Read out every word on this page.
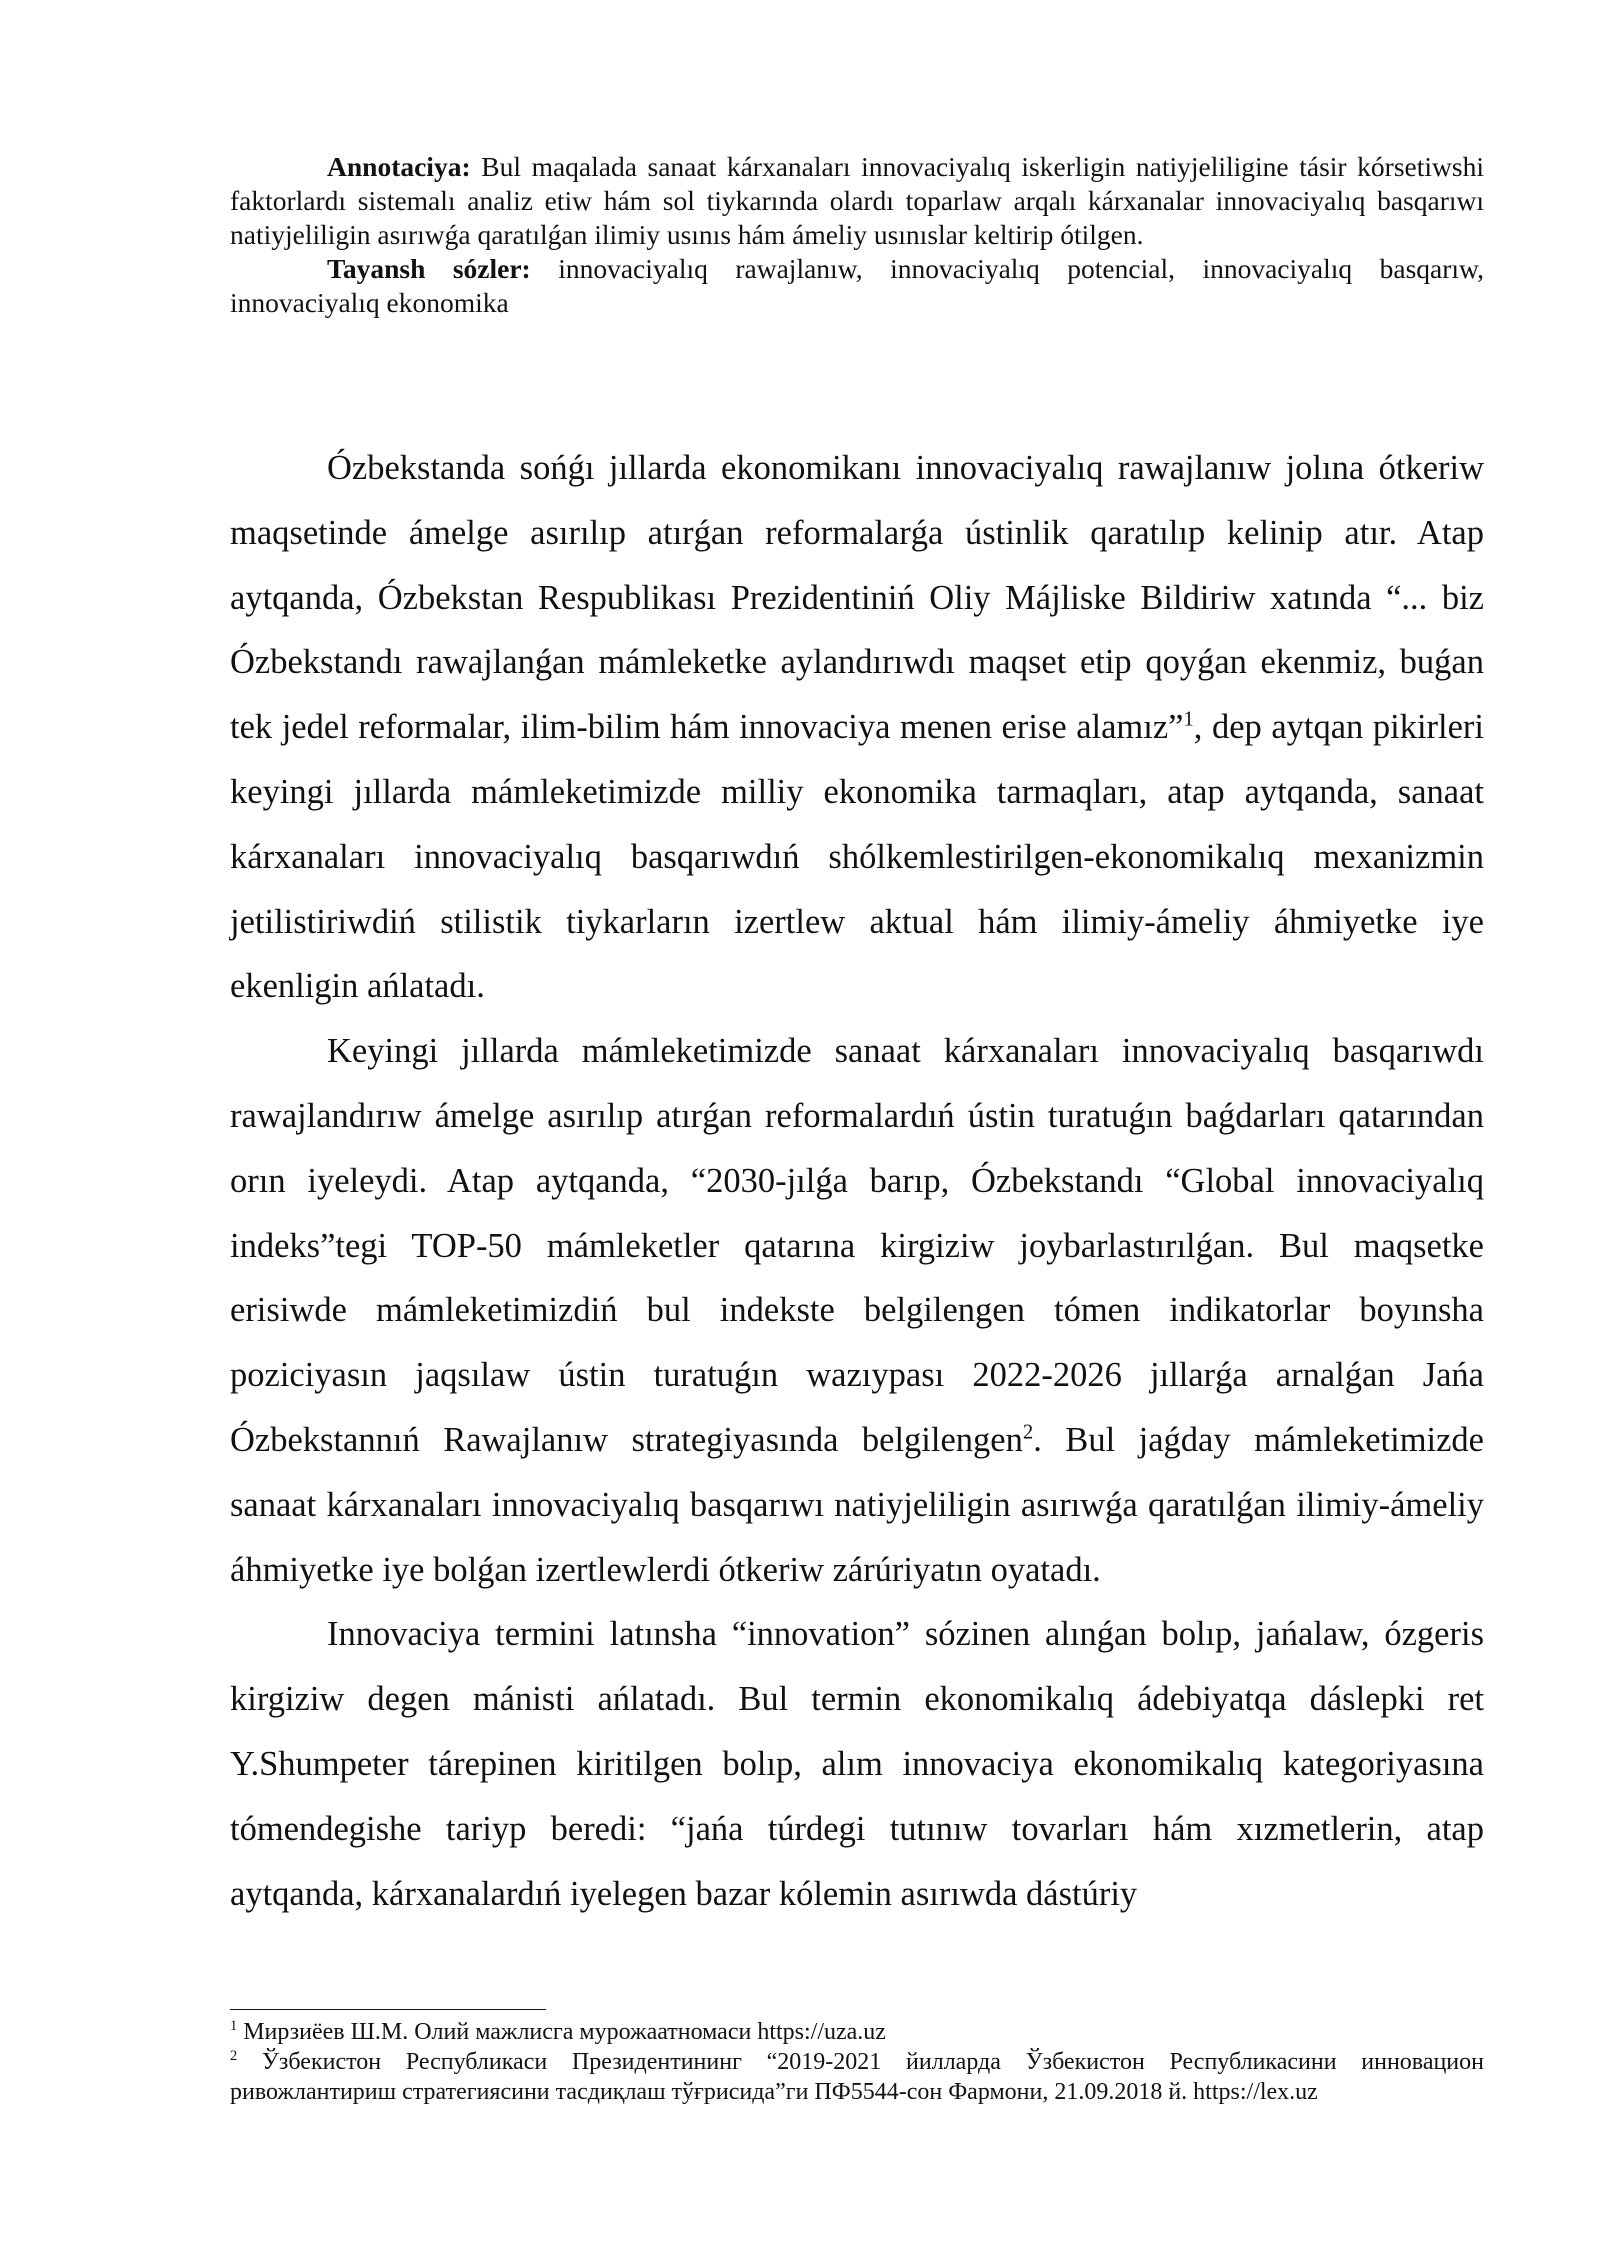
Annotaciya: Bul maqalada sanaat kárxanaları innovaciyalıq iskerligin natiyjeliligine tásir kórsetiwshi faktorlardı sistemalı analiz etiw hám sol tiykarında olardı toparlaw arqalı kárxanalar innovaciyalıq basqarıwı natiyjeliligin asırıwǵa qaratılǵan ilimiy usınıs hám ámeliy usınıslar keltirip ótilgen.

Tayansh sózler: innovaciyalıq rawajlanıw, innovaciyalıq potencial, innovaciyalıq basqarıw, innovaciyalıq ekonomika

Ózbekstanda sońǵı jıllarda ekonomikanı innovaciyalıq rawajlanıw jolına ótkeriw maqsetinde ámelge asırılıp atırǵan reformalarǵa ústinlik qaratılıp kelinip atır. Atap aytqanda, Ózbekstan Respublikası Prezidentiniń Oliy Májliske Bildiriw xatında “... biz Ózbekstandı rawajlanǵan mámleketke aylandırıwdı maqset etip qoyǵan ekenmiz, buǵan tek jedel reformalar, ilim-bilim hám innovaciya menen erise alamız”$^1$, dep aytqan pikirleri keyingi jıllarda mámleketimizde milliy ekonomika tarmaqları, atap aytqanda, sanaat kárxanaları innovaciyalıq basqarıwdıń shólkemlestirilgen-ekonomikalıq mexanizmin jetilistiriwdiń stilistik tiykarların izertlew aktual hám ilimiy-ámeliy áhmiyetke iye ekenligin ańlatadı.

Keyingi jıllarda mámleketimizde sanaat kárxanaları innovaciyalıq basqarıwdı rawajlandırıw ámelge asırılıp atırǵan reformalardıń ústin turatuǵın baǵdarları qatarından orın iyeleydi. Atap aytqanda, “2030-jılǵa barıp, Ózbekstandı “Global innovaciyalıq indeks”tegi TOP-50 mámleketler qatarına kirgiziw joybarlastırılǵan. Bul maqsetke erisiwde mámleketimizdiń bul indekste belgilengen tómen indikatorlar boyınsha poziciyasın jaqsılaw ústin turatuǵın wazıypası 2022-2026 jıllarǵa arnalǵan Jańa Ózbekstannıń Rawajlanıw strategiyasında belgilengen$^2$. Bul jaǵday mámleketimizde sanaat kárxanaları innovaciyalıq basqarıwı natiyjeliligin asırıwǵa qaratılǵan ilimiy-ámeliy áhmiyetke iye bolǵan izertlewlerdi ótkeriw zárúriyatın oyatadı.

Innovaciya termini latınsha “innovation” sózinen alınǵan bolıp, jańalaw, ózgeris kirgiziw degen mánisti ańlatadı. Bul termin ekonomikalıq ádebiyatqa dáslepki ret Y.Shumpeter tárepinen kiritilgen bolıp, alım innovaciya ekonomikalıq kategoriyasına tómendegishe tariyp beredi: “jańa túrdegi tutınıw tovarları hám xızmetlerin, atap aytqanda, kárxanalardıń iyelegen bazar kólemin asırıwda dástúriy

$^1$ Мирзиёев Ш.М. Олий мажлисга мурожаатномаси https://uza.uz

$^2$ Ўзбекистон Республикаси Президентининг “2019-2021 йилларда Ўзбекистон Республикасини инновацион ривожлантириш стратегиясини тасдиқлаш тўғрисида”ги ПФ5544-сон Фармони, 21.09.2018 й. https://lex.uz
